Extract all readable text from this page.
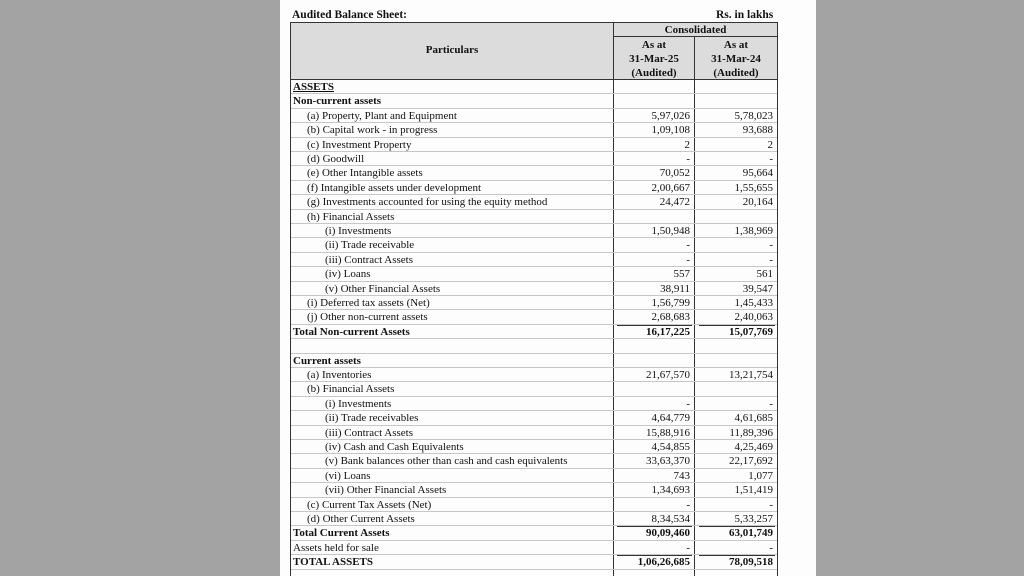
Audited Balance Sheet:	Rs. in lakhs
Particulars
Consolidated
As at
31-Mar-25
(Audited)
As at
31-Mar-24
(Audited)
ASSETS
Non-current assets
(a) Property, Plant and Equipment	5,97,026	5,78,023
(b) Capital work - in progress	1,09,108	93,688
(c) Investment Property	2	2
(d) Goodwill	-	-
(e) Other Intangible assets	70,052	95,664
(f) Intangible assets under development	2,00,667	1,55,655
(g) Investments accounted for using the equity method	24,472	20,164
(h) Financial Assets
(i) Investments	1,50,948	1,38,969
(ii) Trade receivable	-	-
(iii) Contract Assets	-	-
(iv) Loans	557	561
(v) Other Financial Assets	38,911	39,547
(i) Deferred tax assets (Net)	1,56,799	1,45,433
(j) Other non-current assets	2,68,683	2,40,063
Total Non-current Assets	16,17,225	15,07,769
Current assets
(a) Inventories	21,67,570	13,21,754
(b) Financial Assets
(i) Investments	-	-
(ii) Trade receivables	4,64,779	4,61,685
(iii) Contract Assets	15,88,916	11,89,396
(iv) Cash and Cash Equivalents	4,54,855	4,25,469
(v) Bank balances other than cash and cash equivalents	33,63,370	22,17,692
(vi) Loans	743	1,077
(vii) Other Financial Assets	1,34,693	1,51,419
(c) Current Tax Assets (Net)	-	-
(d) Other Current Assets	8,34,534	5,33,257
Total Current Assets	90,09,460	63,01,749
Assets held for sale	-	-
TOTAL ASSETS	1,06,26,685	78,09,518
